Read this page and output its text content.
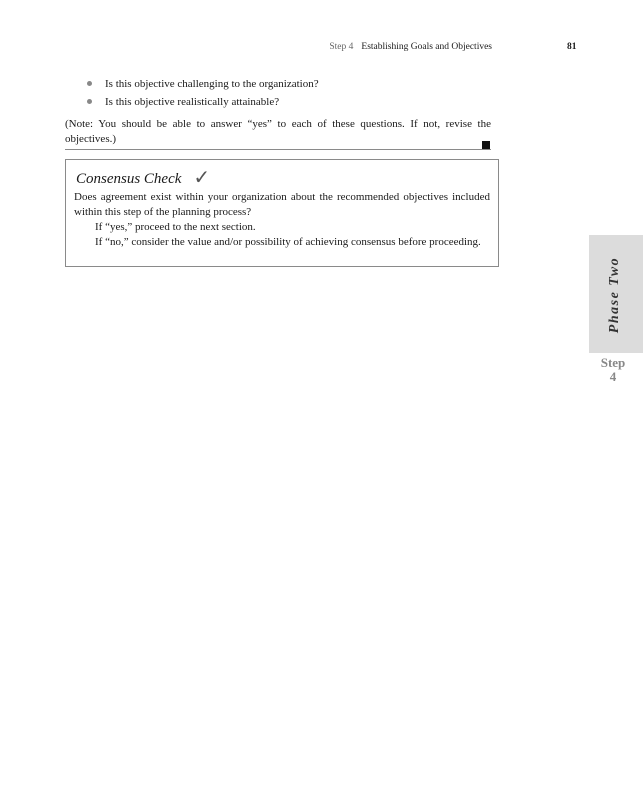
Step 4 Establishing Goals and Objectives	81
Is this objective challenging to the organization?
Is this objective realistically attainable?
(Note: You should be able to answer “yes” to each of these questions. If not, revise the objectives.)
Consensus Check ✓
Does agreement exist within your organization about the recommended objectives included within this step of the planning process?
If “yes,” proceed to the next section.
If “no,” consider the value and/or possibility of achieving consensus before proceeding.
Phase Two
Step
4
